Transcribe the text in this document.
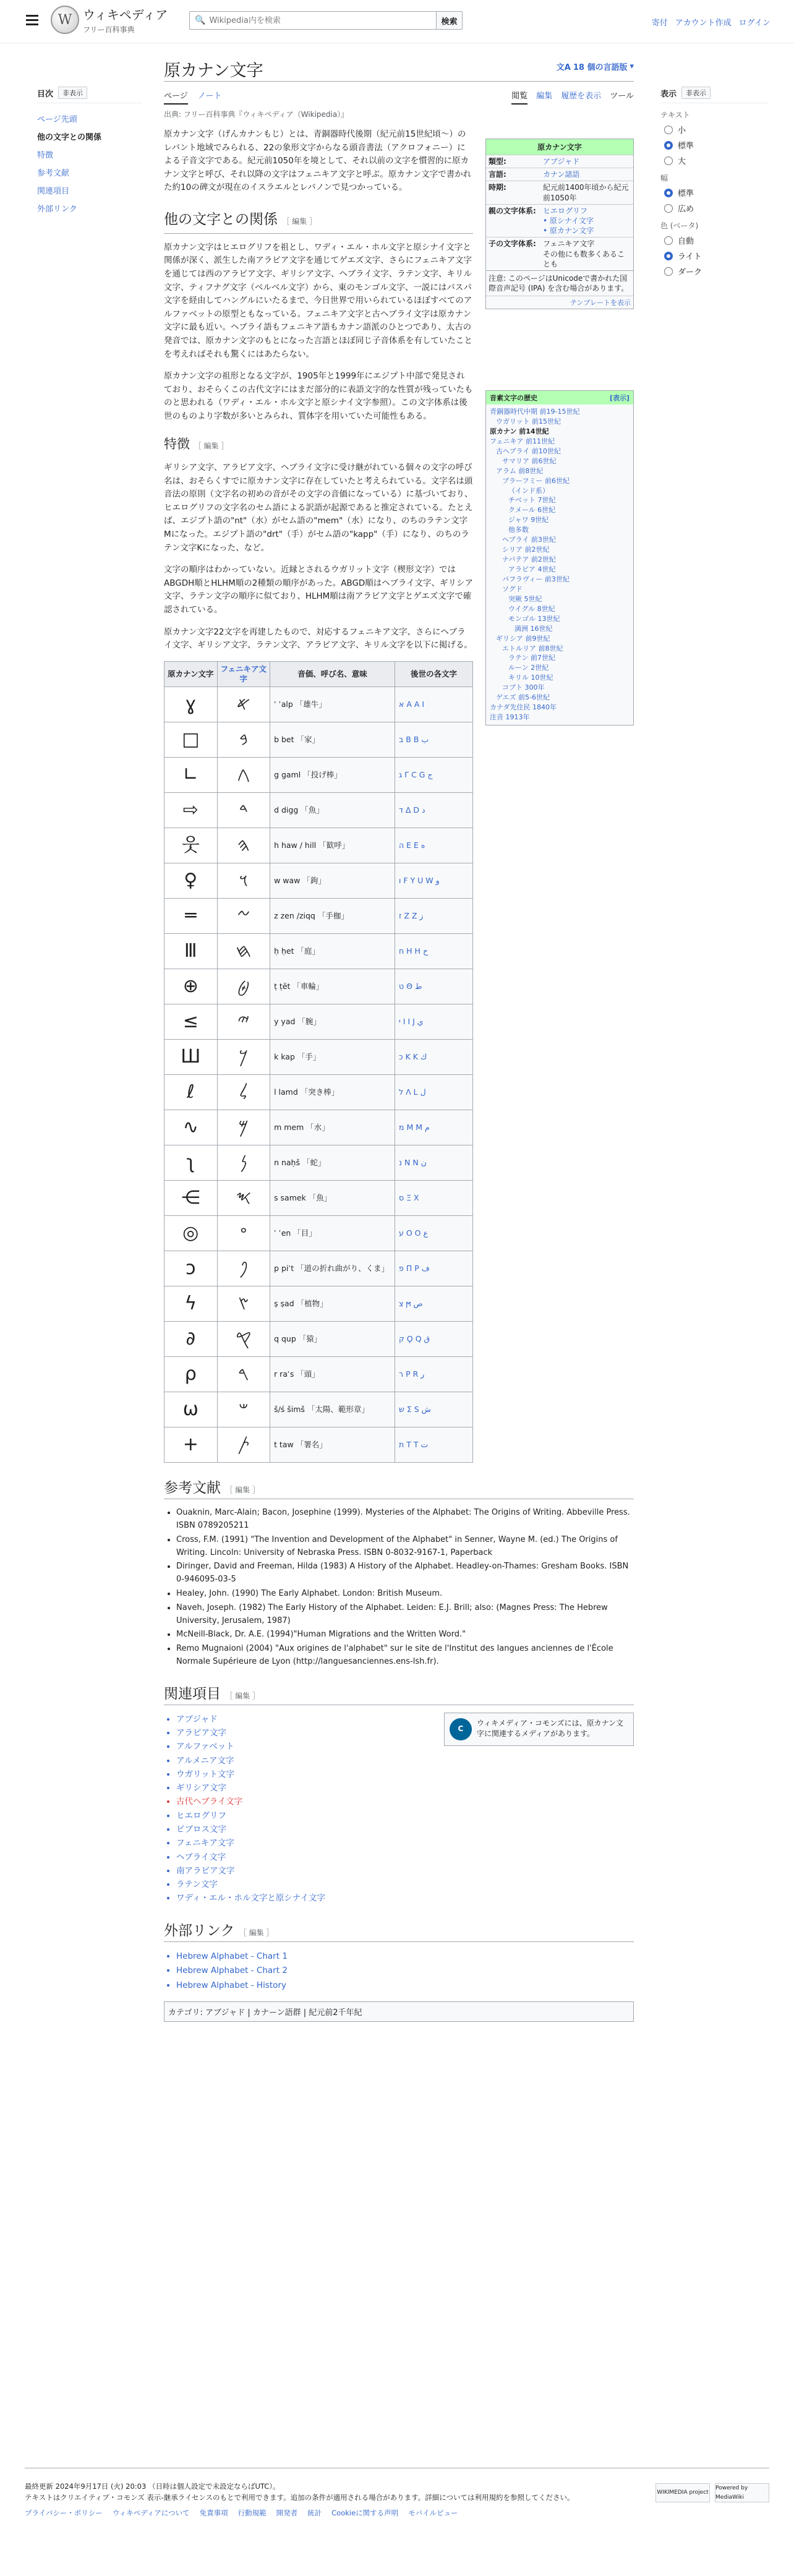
W ウィキペディア
フリー百科事典
🔍
Wikipedia内を検索	検索	寄付 アカウント作成 ログイン
目次	非表示
ページ先頭
他の文字との関係
特徴
参考文献
関連項目
外部リンク
原カナン文字	文A 18 個の言語版 ▾
ページ ノート	閲覧 編集 履歴を表示 ツール
出典: フリー百科事典『ウィキペディア（Wikipedia）』
原カナン文字
類型:	アブジャド
言語:	カナン諸語
時期:	紀元前1400年頃から紀元前1050年
親の文字体系:	ヒエログリフ
• 原シナイ文字
• 原カナン文字
子の文字体系:	フェニキア文字
その他にも数多くあることも
注意: このページはUnicodeで書かれた国際音声記号 (IPA) を含む場合があります。
テンプレートを表示
音素文字の歴史	[表示]
青銅器時代中期 前19-15世紀
ウガリット 前15世紀
原カナン 前14世紀
フェニキア 前11世紀
古ヘブライ 前10世紀
サマリア 前6世紀
アラム 前8世紀
ブラーフミー 前6世紀
（インド系）
チベット 7世紀
クメール 6世紀
ジャワ 9世紀
他多数
ヘブライ 前3世紀
シリア 前2世紀
ナバテア 前2世紀
アラビア 4世紀
パフラヴィー 前3世紀
ソグド
突厥 5世紀
ウイグル 8世紀
モンゴル 13世紀
満洲 16世紀
ギリシア 前9世紀
エトルリア 前8世紀
ラテン 前7世紀
ルーン 2世紀
キリル 10世紀
コプト 300年
ゲエズ 前5-6世紀
カナダ先住民 1840年
注音 1913年

原カナン文字（げんカナンもじ）とは、青銅器時代後期（紀元前15世紀頃〜）のレバント地域でみられる、22の象形文字からなる頭音書法（アクロフォニー）による子音文字である。紀元前1050年を境として、それ以前の文字を慣習的に原カナン文字と呼び、それ以降の文字はフェニキア文字と呼ぶ。原カナン文字で書かれた約10の碑文が現在のイスラエルとレバノンで見つかっている。

他の文字との関係 ［ 編集 ］

原カナン文字はヒエログリフを祖とし、ワディ・エル・ホル文字と原シナイ文字と関係が深く、派生した南アラビア文字を通じてゲエズ文字、さらにフェニキア文字を通じては西のアラビア文字、ギリシア文字、ヘブライ文字、ラテン文字、キリル文字、ティフナグ文字（ベルベル文字）から、東のモンゴル文字、一説にはパスパ文字を経由してハングルにいたるまで、今日世界で用いられているほぼすべてのアルファベットの原型ともなっている。フェニキア文字と古ヘブライ文字は原カナン文字に最も近い。ヘブライ語もフェニキア語もカナン語派のひとつであり、太古の発音では、原カナン文字のもとになった言語とほぼ同じ子音体系を有していたことを考えればそれも驚くにはあたらない。

原カナン文字の祖形となる文字が、1905年と1999年にエジプト中部で発見されており、おそらくこの古代文字にはまだ部分的に表語文字的な性質が残っていたものと思われる（ワディ・エル・ホル文字と原シナイ文字参照）。この文字体系は後世のものより字数が多いとみられ、質体字を用いていた可能性もある。

特徴 ［ 編集 ］

ギリシア文字、アラビア文字、ヘブライ文字に受け継がれている個々の文字の呼び名は、おそらくすでに原カナン文字に存在していたと考えられている。文字名は頭音法の原則（文字名の初めの音がその文字の音価になっている）に基づいており、ヒエログリフの文字名のセム語による訳語が起源であると推定されている。たとえば、エジプト語の"nt"（水）がセム語の"mem"（水）になり、のちのラテン文字Mになった。エジプト語の"drt"（手）がセム語の"kapp"（手）になり、のちのラテン文字Kになった、など。

文字の順序はわかっていない。近縁とされるウガリット文字（楔形文字）ではABGDH順とHLHM順の2種類の順序があった。ABGD順はヘブライ文字、ギリシア文字、ラテン文字の順序に似ており、HLHM順は南アラビア文字とゲエズ文字で確認されている。

原カナン文字22文字を再建したもので、対応するフェニキア文字、さらにヘブライ文字、ギリシア文字、ラテン文字、アラビア文字、キリル文字を以下に掲げる。

原カナン文字	フェニキア文字	音価、呼び名、意味	後世の各文字
ɣ	𐤀	ʾ ʾalp 「雄牛」	א A Α I
□	𐤁	b bet 「家」	ב B Β ب
∟	𐤂	g gaml 「投げ棒」	ג Γ C G ج
⇨	𐤃	d digg 「魚」	ד Δ D د
웃	𐤄	h haw / hill 「歓呼」	ה Ε E ه
♀	𐤅	w waw 「鉤」	ו F Y U W و
═	𐤆	z zen /ziqq 「手枷」	ז Ζ Z ز
Ⅲ	𐤇	ḥ ḥet 「庭」	ח Η H ح
⊕	𐤈	ṭ ṭēt 「車輪」	ט Θ ط
≤	𐤉	y yad 「腕」	י Ι I J ي
Ш	𐤊	k kap 「手」	כ Κ K ك
ℓ	𐤋	l lamd 「突き棒」	ל Λ L ل
∿	𐤌	m mem 「水」	מ Μ M م
ʅ	𐤍	n naḥš 「蛇」	נ Ν N ن
⋲	𐤎	s samek 「魚」	ס Ξ X
◎	𐤏	ʿ ʿen 「目」	ע Ο O ع
ɔ	𐤐	p piʾt 「道の折れ曲がり、くま」	פ Π P ف
ϟ	𐤑	ṣ ṣad 「植物」	צ ϻ ص
∂	𐤒	q qup 「猿」	ק Ϙ Q ق
ρ	𐤓	r raʾs 「頭」	ר Ρ R ر
ω	𐤔	š/ś šimš 「太陽、範形章」	ש Σ S ش
+	𐤕	t taw 「署名」	ת Τ T ت
参考文献 ［ 編集 ］
• Ouaknin, Marc-Alain; Bacon, Josephine (1999). Mysteries of the Alphabet: The Origins of Writing. Abbeville Press. ISBN 0789205211
• Cross, F.M. (1991) "The Invention and Development of the Alphabet" in Senner, Wayne M. (ed.) The Origins of Writing. Lincoln: University of Nebraska Press. ISBN 0-8032-9167-1, Paperback
• Diringer, David and Freeman, Hilda (1983) A History of the Alphabet. Headley-on-Thames: Gresham Books. ISBN 0-946095-03-5
• Healey, John. (1990) The Early Alphabet. London: British Museum.
• Naveh, Joseph. (1982) The Early History of the Alphabet. Leiden: E.J. Brill; also: (Magnes Press: The Hebrew University, Jerusalem, 1987)
• McNeill-Black, Dr. A.E. (1994)"Human Migrations and the Written Word."
• Remo Mugnaioni (2004) "Aux origines de l'alphabet" sur le site de l'Institut des langues anciennes de l'École Normale Supérieure de Lyon (http://languesanciennes.ens-lsh.fr).
関連項目 ［ 編集 ］
• アブジャド
• アラビア文字
• アルファベット
• アルメニア文字
• ウガリット文字
• ギリシア文字
• 古代ヘブライ文字
• ヒエログリフ
• ビブロス文字
• フェニキア文字
• ヘブライ文字
• 南アラビア文字
• ラテン文字
• ワディ・エル・ホル文字と原シナイ文字
C
ウィキメディア・コモンズには、原カナン文字に関連するメディアがあります。
外部リンク ［ 編集 ］
• Hebrew Alphabet - Chart 1
• Hebrew Alphabet - Chart 2
• Hebrew Alphabet - History
カテゴリ: アブジャド | カナーン語群 | 紀元前2千年紀
表示	非表示
テキスト
小
標準
大
幅
標準
広め
色 (ベータ)
自動
ライト
ダーク
最終更新 2024年9月17日 (火) 20:03 （日時は個人設定で未設定ならばUTC）。
テキストはクリエイティブ・コモンズ 表示-継承ライセンスのもとで利用できます。追加の条件が適用される場合があります。詳細については利用規約を参照してください。
プライバシー・ポリシー ウィキペディアについて 免責事項 行動規範 開発者 統計 Cookieに関する声明 モバイルビュー
WIKIMEDIA project
Powered by MediaWiki
